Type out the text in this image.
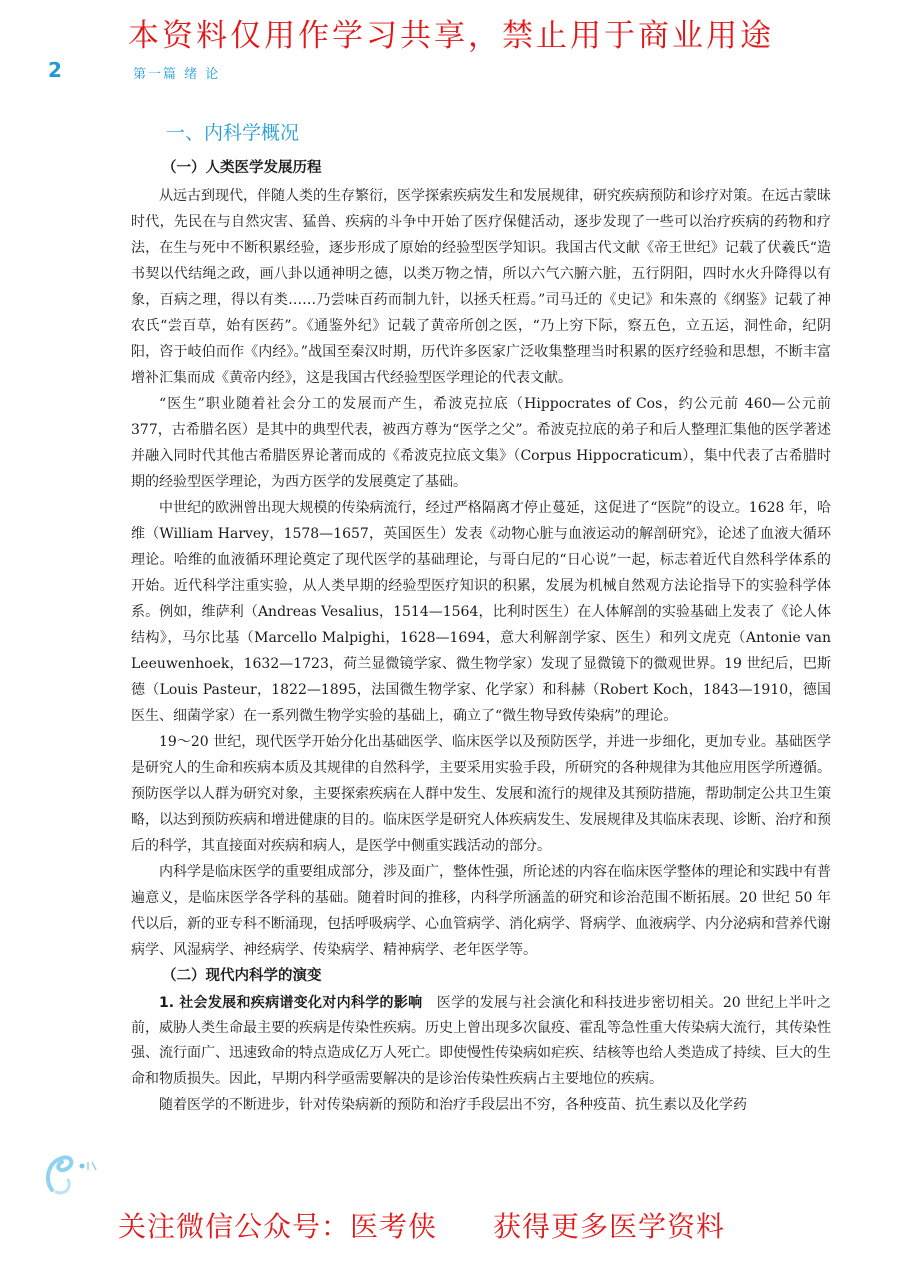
本资料仅用作学习共享，禁止用于商业用途
2	第一篇 绪 论
一、内科学概况
（一）人类医学发展历程

从远古到现代，伴随人类的生存繁衍，医学探索疾病发生和发展规律，研究疾病预防和诊疗对策。在远古蒙昧时代，先民在与自然灾害、猛兽、疾病的斗争中开始了医疗保健活动，逐步发现了一些可以治疗疾病的药物和疗法，在生与死中不断积累经验，逐步形成了原始的经验型医学知识。我国古代文献《帝王世纪》记载了伏羲氏“造书契以代结绳之政，画八卦以通神明之德，以类万物之情，所以六气六腑六脏，五行阴阳，四时水火升降得以有象，百病之理，得以有类……乃尝味百药而制九针，以拯夭枉焉。”司马迁的《史记》和朱熹的《纲鉴》记载了神农氏“尝百草，始有医药”。《通鉴外纪》记载了黄帝所创之医，“乃上穷下际，察五色，立五运，洞性命，纪阴阳，咨于岐伯而作《内经》。”战国至秦汉时期，历代许多医家广泛收集整理当时积累的医疗经验和思想，不断丰富增补汇集而成《黄帝内经》，这是我国古代经验型医学理论的代表文献。

“医生”职业随着社会分工的发展而产生，希波克拉底（Hippocrates of Cos，约公元前 460—公元前 377，古希腊名医）是其中的典型代表，被西方尊为“医学之父”。希波克拉底的弟子和后人整理汇集他的医学著述并融入同时代其他古希腊医界论著而成的《希波克拉底文集》（Corpus Hippocraticum），集中代表了古希腊时期的经验型医学理论，为西方医学的发展奠定了基础。

中世纪的欧洲曾出现大规模的传染病流行，经过严格隔离才停止蔓延，这促进了“医院”的设立。1628 年，哈维（William Harvey，1578—1657，英国医生）发表《动物心脏与血液运动的解剖研究》，论述了血液大循环理论。哈维的血液循环理论奠定了现代医学的基础理论，与哥白尼的“日心说”一起，标志着近代自然科学体系的开始。近代科学注重实验，从人类早期的经验型医疗知识的积累，发展为机械自然观方法论指导下的实验科学体系。例如，维萨利（Andreas Vesalius，1514—1564，比利时医生）在人体解剖的实验基础上发表了《论人体结构》，马尔比基（Marcello Malpighi，1628—1694，意大利解剖学家、医生）和列文虎克（Antonie van Leeuwenhoek，1632—1723，荷兰显微镜学家、微生物学家）发现了显微镜下的微观世界。19 世纪后，巴斯德（Louis Pasteur，1822—1895，法国微生物学家、化学家）和科赫（Robert Koch，1843—1910，德国医生、细菌学家）在一系列微生物学实验的基础上，确立了“微生物导致传染病”的理论。

19～20 世纪，现代医学开始分化出基础医学、临床医学以及预防医学，并进一步细化，更加专业。基础医学是研究人的生命和疾病本质及其规律的自然科学，主要采用实验手段，所研究的各种规律为其他应用医学所遵循。预防医学以人群为研究对象，主要探索疾病在人群中发生、发展和流行的规律及其预防措施，帮助制定公共卫生策略，以达到预防疾病和增进健康的目的。临床医学是研究人体疾病发生、发展规律及其临床表现、诊断、治疗和预后的科学，其直接面对疾病和病人，是医学中侧重实践活动的部分。

内科学是临床医学的重要组成部分，涉及面广，整体性强，所论述的内容在临床医学整体的理论和实践中有普遍意义，是临床医学各学科的基础。随着时间的推移，内科学所涵盖的研究和诊治范围不断拓展。20 世纪 50 年代以后，新的亚专科不断涌现，包括呼吸病学、心血管病学、消化病学、肾病学、血液病学、内分泌病和营养代谢病学、风湿病学、神经病学、传染病学、精神病学、老年医学等。

（二）现代内科学的演变

1. 社会发展和疾病谱变化对内科学的影响　 医学的发展与社会演化和科技进步密切相关。20 世纪上半叶之前，威胁人类生命最主要的疾病是传染性疾病。历史上曾出现多次鼠疫、霍乱等急性重大传染病大流行，其传染性强、流行面广、迅速致命的特点造成亿万人死亡。即使慢性传染病如疟疾、结核等也给人类造成了持续、巨大的生命和物质损失。因此，早期内科学亟需要解决的是诊治传染性疾病占主要地位的疾病。

随着医学的不断进步，针对传染病新的预防和治疗手段层出不穷，各种疫苗、抗生素以及化学药

关注微信公众号：医考侠 获得更多医学资料
